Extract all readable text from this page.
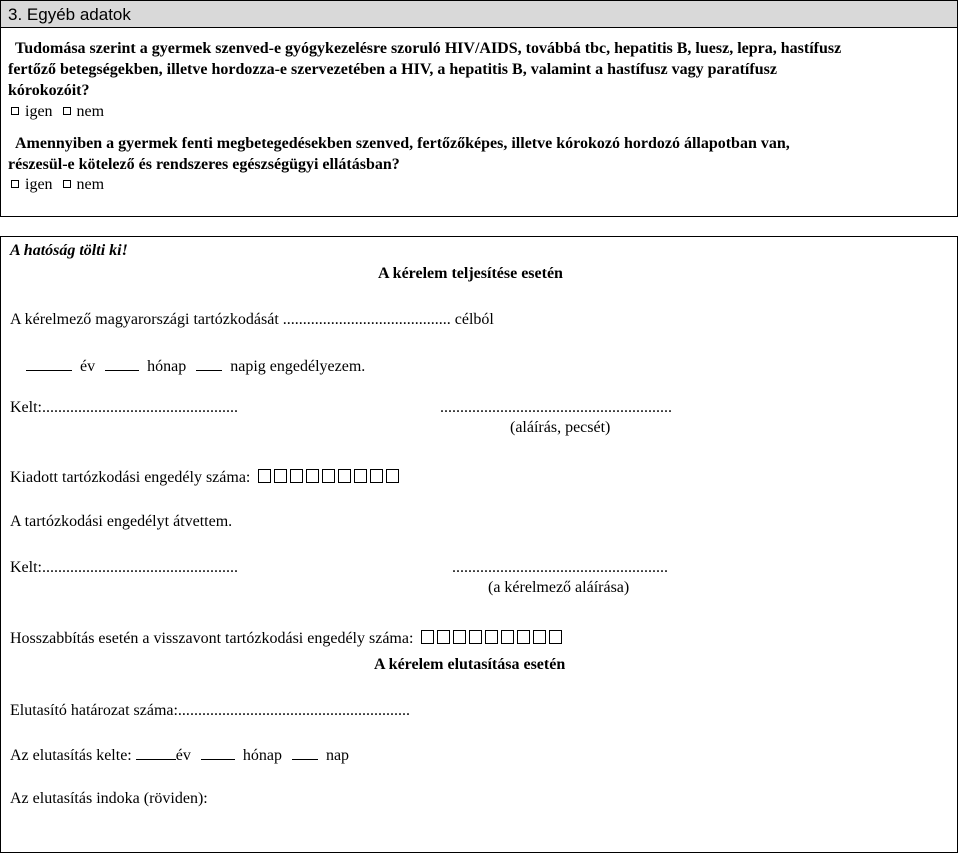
3. Egyéb adatok
Tudomása szerint a gyermek szenved-e gyógykezelésre szoruló HIV/AIDS, továbbá tbc, hepatitis B, luesz, lepra, hastífusz
fertőző betegségekben, illetve hordozza-e szervezetében a HIV, a hepatitis B, valamint a hastífusz vagy paratífusz
kórokozóit?
igen nem
Amennyiben a gyermek fenti megbetegedésekben szenved, fertőzőképes, illetve kórokozó hordozó állapotban van,
részesül-e kötelező és rendszeres egészségügyi ellátásban?
igen nem
A hatóság tölti ki!
A kérelem teljesítése esetén
A kérelmező magyarországi tartózkodását .......................................... célból
év	hónap	napig engedélyezem.
Kelt:.................................................	..........................................................
(aláírás, pecsét)
Kiadott tartózkodási engedély száma:
A tartózkodási engedélyt átvettem.
Kelt:.................................................	......................................................
(a kérelmező aláírása)
Hosszabbítás esetén a visszavont tartózkodási engedély száma:
A kérelem elutasítása esetén
Elutasító határozat száma:..........................................................
Az elutasítás kelte:	év	hónap	nap
Az elutasítás indoka (röviden):
